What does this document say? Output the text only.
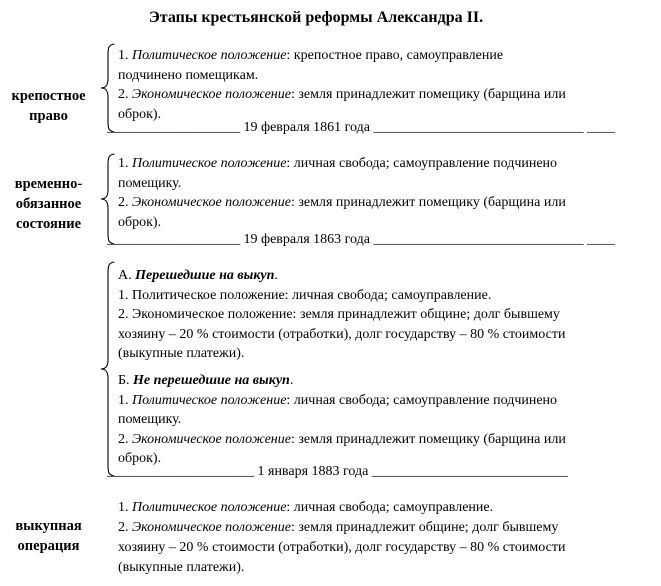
Этапы крестьянской реформы Александра II.
крепостное
право
1. Политическое положение: крепостное право, самоуправление
подчинено помещикам.
2. Экономическое положение: земля принадлежит помещику (барщина или
оброк).
___________________ 19 февраля 1861 года ______________________________ ____
временно-
обязанное
состояние
1. Политическое положение: личная свобода; самоуправление подчинено
помещику.
2. Экономическое положение: земля принадлежит помещику (барщина или
оброк).
___________________ 19 февраля 1863 года ______________________________ ____
А. Перешедшие на выкуп.
1. Политическое положение: личная свобода; самоуправление.
2. Экономическое положение: земля принадлежит общине; долг бывшему
хозяину – 20 % стоимости (отработки), долг государству – 80 % стоимости
(выкупные платежи).
Б. Не перешедшие на выкуп.
1. Политическое положение: личная свобода; самоуправление подчинено
помещику.
2. Экономическое положение: земля принадлежит помещику (барщина или
оброк).
_____________________ 1 января 1883 года ____________________________
выкупная
операция
1. Политическое положение: личная свобода; самоуправление.
2. Экономическое положение: земля принадлежит общине; долг бывшему
хозяину – 20 % стоимости (отработки), долг государству – 80 % стоимости
(выкупные платежи).
